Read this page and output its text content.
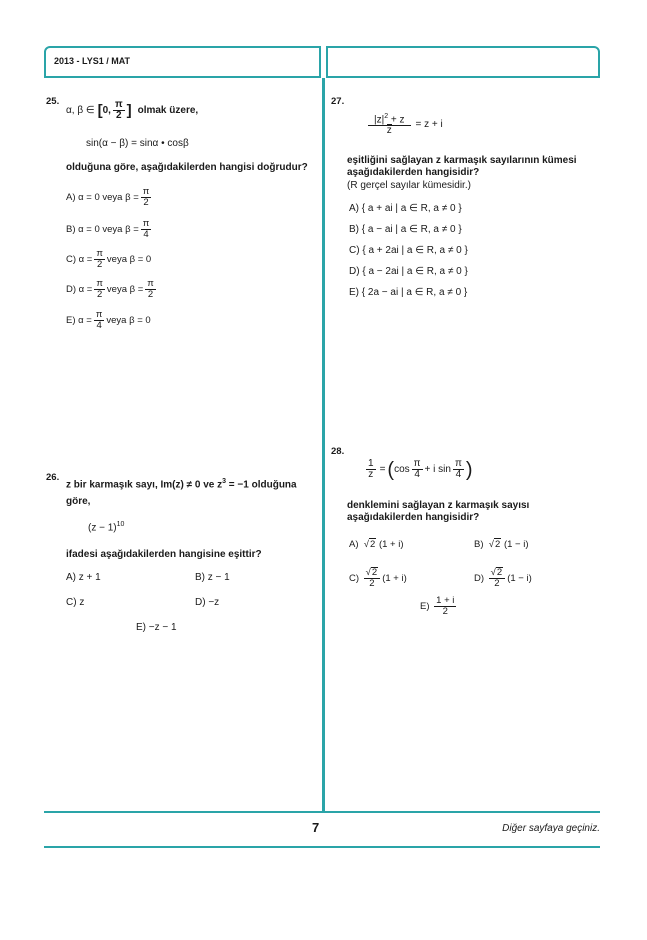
2013 - LYS1 / MAT
25.
α, β ∈ [ 0, $\frac{\pi}{2}$ ] olmak üzere,
sin(α − β) = sinα • cosβ
olduğuna göre, aşağıdakilerden hangisi doğrudur?
A)
α = 0 veya $\beta = \frac{\pi}{2}$
B)
α = 0 veya $\beta = \frac{\pi}{4}$
C)
$\alpha = \frac{\pi}{2}$ veya β = 0
D)
$\alpha = \frac{\pi}{2}$ veya $\beta = \frac{\pi}{2}$
E)
$\alpha = \frac{\pi}{4}$ veya β = 0
26.
z bir karmaşık sayı, Im(z) ≠ 0 ve $z^3 = -1$ olduğuna
göre,
$(z - 1)^{10}$
ifadesi aşağıdakilerden hangisine eşittir?
A) z + 1	B) z − 1
C) z	D) −z
E) −z − 1
27.
$\frac{|z|^2 + z}{z} = z + i$
eşitliğini sağlayan z karmaşık sayılarının kümesi
aşağıdakilerden hangisidir?
(R gerçel sayılar kümesidir.)
A) { a + ai | a ∈ R, a ≠ 0 }
B) { a − ai | a ∈ R, a ≠ 0 }
C) { a + 2ai | a ∈ R, a ≠ 0 }
D) { a − 2ai | a ∈ R, a ≠ 0 }
E) { 2a − ai | a ∈ R, a ≠ 0 }
28.
$\frac{1}{z}$ = ( $\cos \frac{\pi}{4} + i$ $\sin \frac{\pi}{4}$ )
denklemini sağlayan z karmaşık sayısı
aşağıdakilerden hangisidir?
A) √ 2
(1 + i)	B) √ 2
(1 − i)
C)
$\frac{√2}{2} (1 + i)$	D)
$\frac{√2}{2} (1 - i)$
E)
$\frac{1 + i}{2}$
7	Diğer sayfaya geçiniz.
